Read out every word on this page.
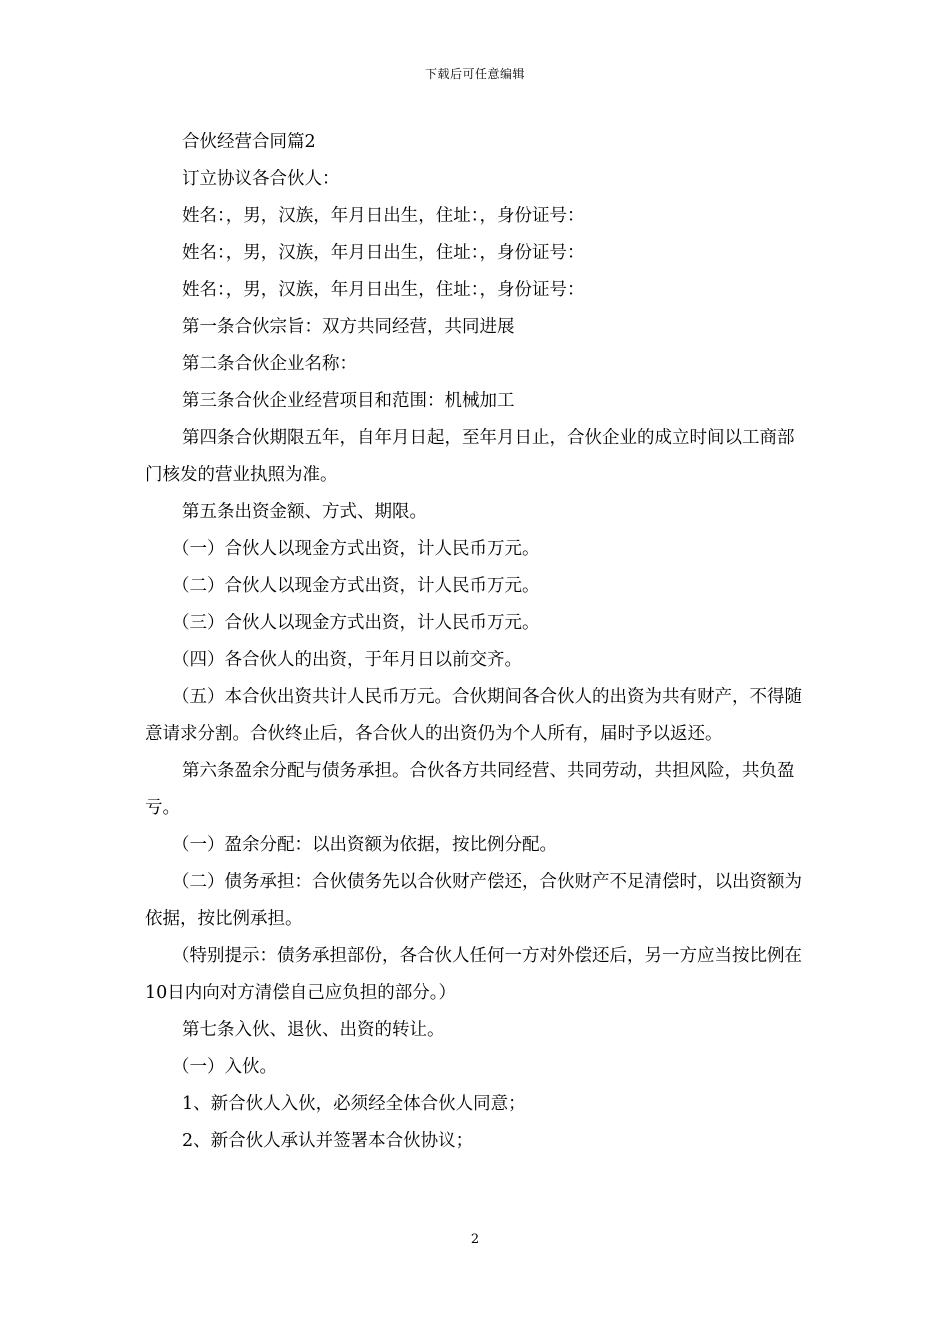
下载后可任意编辑

合伙经营合同篇2

订立协议各合伙人：

姓名：，男，汉族，年月日出生，住址：，身份证号：

姓名：，男，汉族，年月日出生，住址：，身份证号：

姓名：，男，汉族，年月日出生，住址：，身份证号：

第一条合伙宗旨：双方共同经营，共同进展

第二条合伙企业名称：

第三条合伙企业经营项目和范围：机械加工

第四条合伙期限五年，自年月日起，至年月日止，合伙企业的成立时间以工商部门核发的营业执照为准。

第五条出资金额、方式、期限。

（一）合伙人以现金方式出资，计人民币万元。

（二）合伙人以现金方式出资，计人民币万元。

（三）合伙人以现金方式出资，计人民币万元。

（四）各合伙人的出资，于年月日以前交齐。

（五）本合伙出资共计人民币万元。合伙期间各合伙人的出资为共有财产，不得随意请求分割。合伙终止后，各合伙人的出资仍为个人所有，届时予以返还。

第六条盈余分配与债务承担。合伙各方共同经营、共同劳动，共担风险，共负盈亏。

（一）盈余分配：以出资额为依据，按比例分配。

（二）债务承担：合伙债务先以合伙财产偿还，合伙财产不足清偿时，以出资额为依据，按比例承担。

（特别提示：债务承担部份，各合伙人任何一方对外偿还后，另一方应当按比例在10日内向对方清偿自己应负担的部分。）

第七条入伙、退伙、出资的转让。

（一）入伙。

1、新合伙人入伙，必须经全体合伙人同意；

2、新合伙人承认并签署本合伙协议；

2
